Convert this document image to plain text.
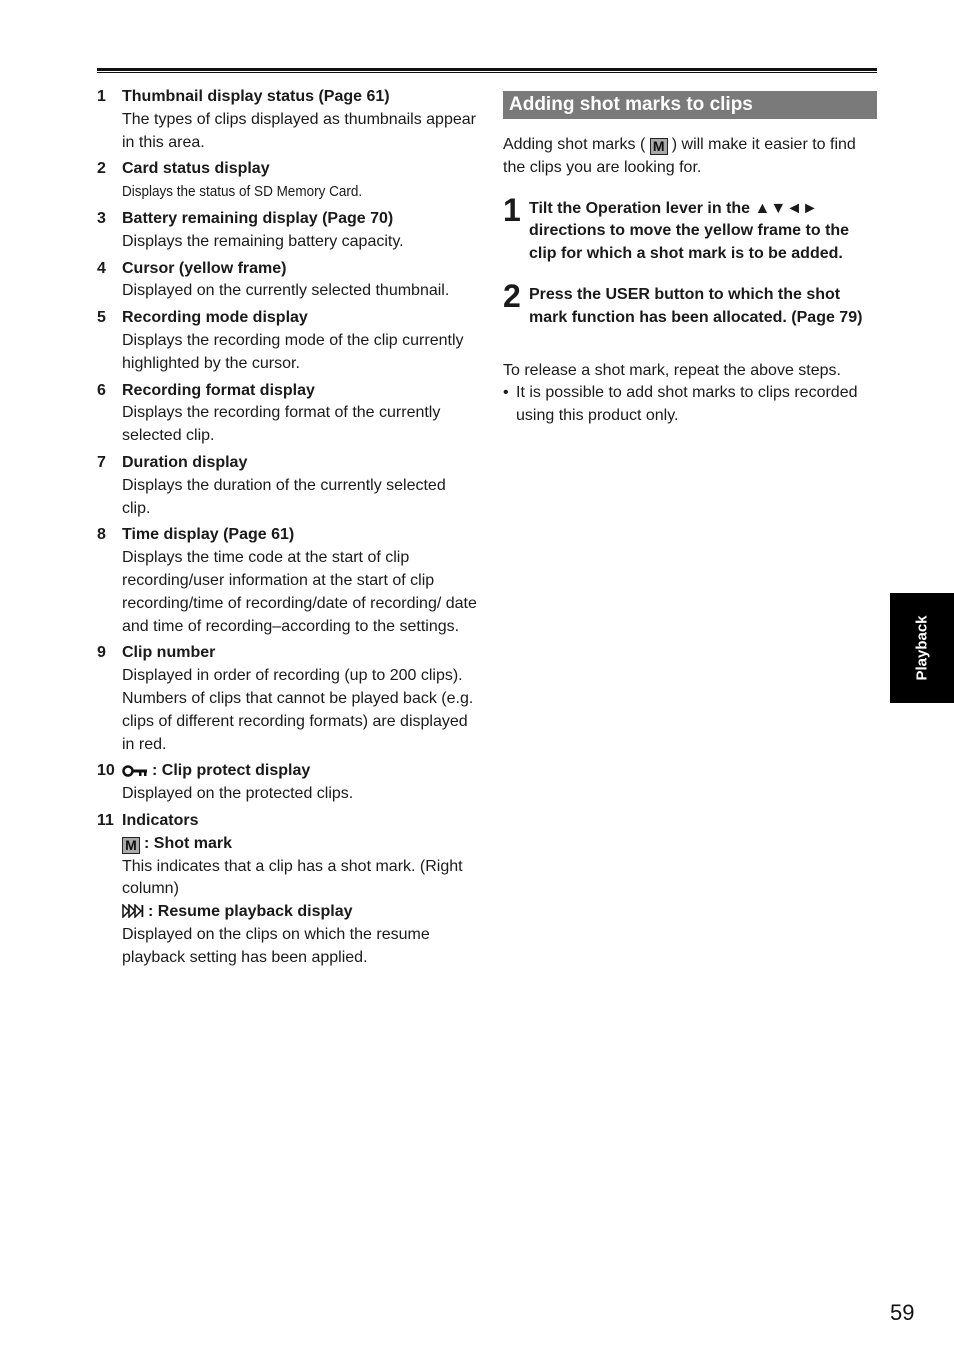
1 Thumbnail display status (Page 61)
The types of clips displayed as thumbnails appear in this area.
2 Card status display
Displays the status of SD Memory Card.
3 Battery remaining display (Page 70)
Displays the remaining battery capacity.
4 Cursor (yellow frame)
Displayed on the currently selected thumbnail.
5 Recording mode display
Displays the recording mode of the clip currently highlighted by the cursor.
6 Recording format display
Displays the recording format of the currently selected clip.
7 Duration display
Displays the duration of the currently selected clip.
8 Time display (Page 61)
Displays the time code at the start of clip recording/user information at the start of clip recording/time of recording/date of recording/ date and time of recording–according to the settings.
9 Clip number
Displayed in order of recording (up to 200 clips). Numbers of clips that cannot be played back (e.g. clips of different recording formats) are displayed in red.
10	: Clip protect display
Displayed on the protected clips.
11 Indicators
M : Shot mark
This indicates that a clip has a shot mark. (Right column)
: Resume playback display
Displayed on the clips on which the resume playback setting has been applied.
Adding shot marks to clips
Adding shot marks ( M ) will make it easier to find the clips you are looking for.
1 Tilt the Operation lever in the ▲▼◄► directions to move the yellow frame to the clip for which a shot mark is to be added.
2 Press the USER button to which the shot mark function has been allocated. (Page 79)
To release a shot mark, repeat the above steps.
• It is possible to add shot marks to clips recorded using this product only.
Playback
59
